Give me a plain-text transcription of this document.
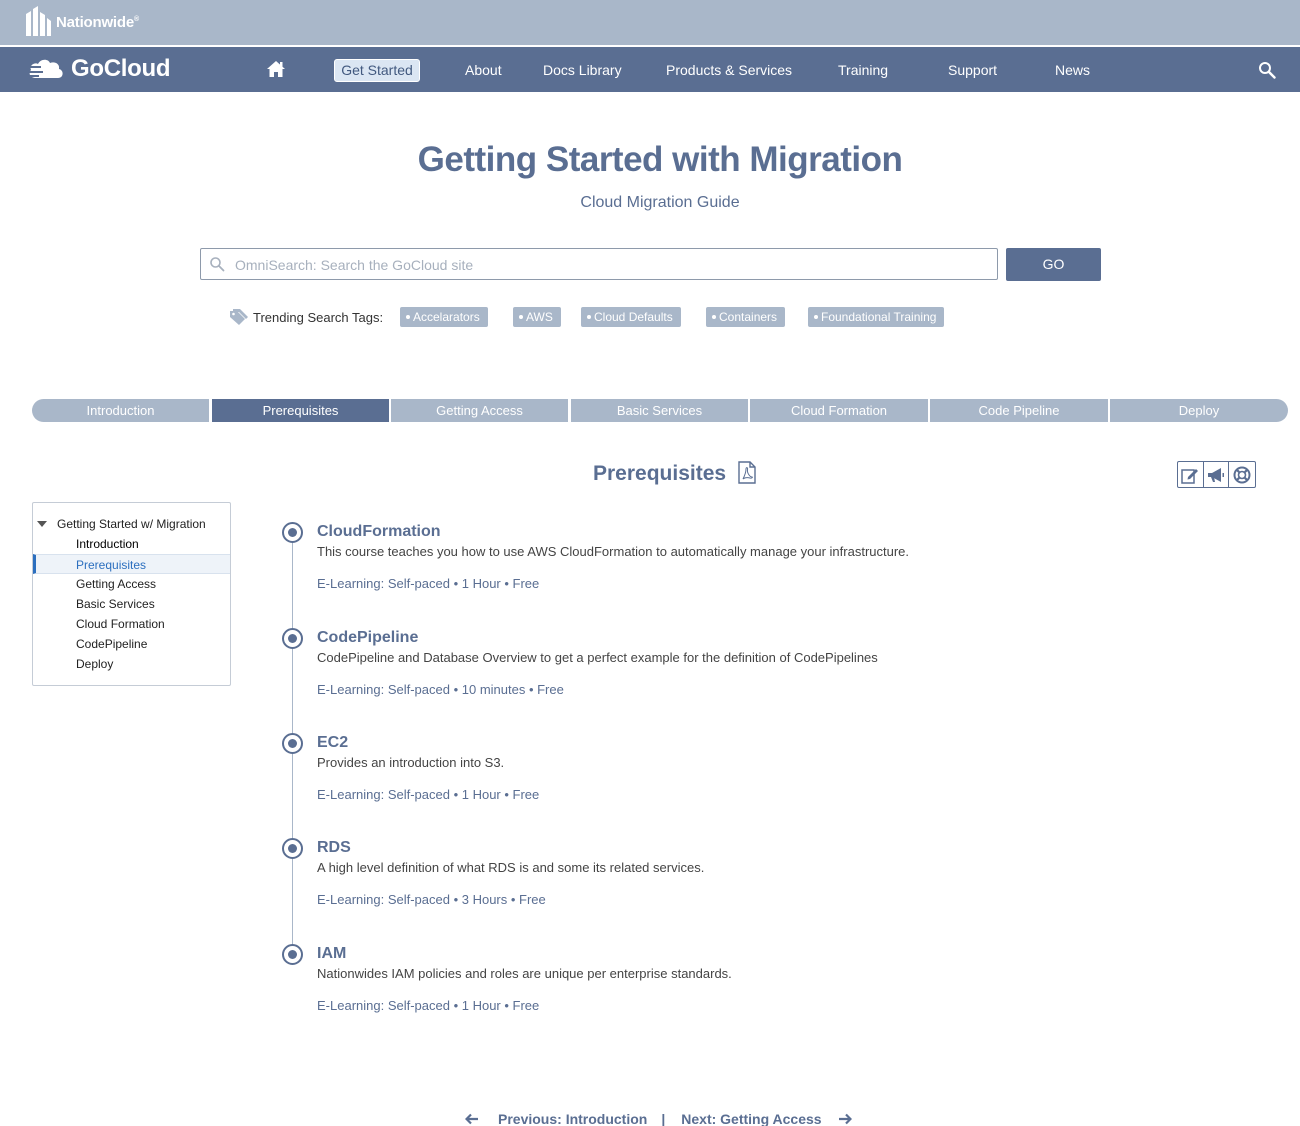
Nationwide®
GoCloud	Get Started	About	Docs Library	Products & Services	Training	Support	News
Getting Started with Migration
Cloud Migration Guide
OmniSearch: Search the GoCloud site
GO
Trending Search Tags:	Accelarators	AWS	Cloud Defaults	Containers	Foundational Training
Introduction	Prerequisites	Getting Access	Basic Services	Cloud Formation	Code Pipeline	Deploy
Prerequisites
Getting Started w/ Migration
Introduction
Prerequisites
Getting Access
Basic Services
Cloud Formation
CodePipeline
Deploy
CloudFormation
This course teaches you how to use AWS CloudFormation to automatically manage your infrastructure.
E-Learning: Self-paced • 1 Hour • Free
CodePipeline
CodePipeline and Database Overview to get a perfect example for the definition of CodePipelines
E-Learning: Self-paced • 10 minutes • Free
EC2
Provides an introduction into S3.
E-Learning: Self-paced • 1 Hour • Free
RDS
A high level definition of what RDS is and some its related services.
E-Learning: Self-paced • 3 Hours • Free
IAM
Nationwides IAM policies and roles are unique per enterprise standards.
E-Learning: Self-paced • 1 Hour • Free
Previous: Introduction | Next: Getting Access
